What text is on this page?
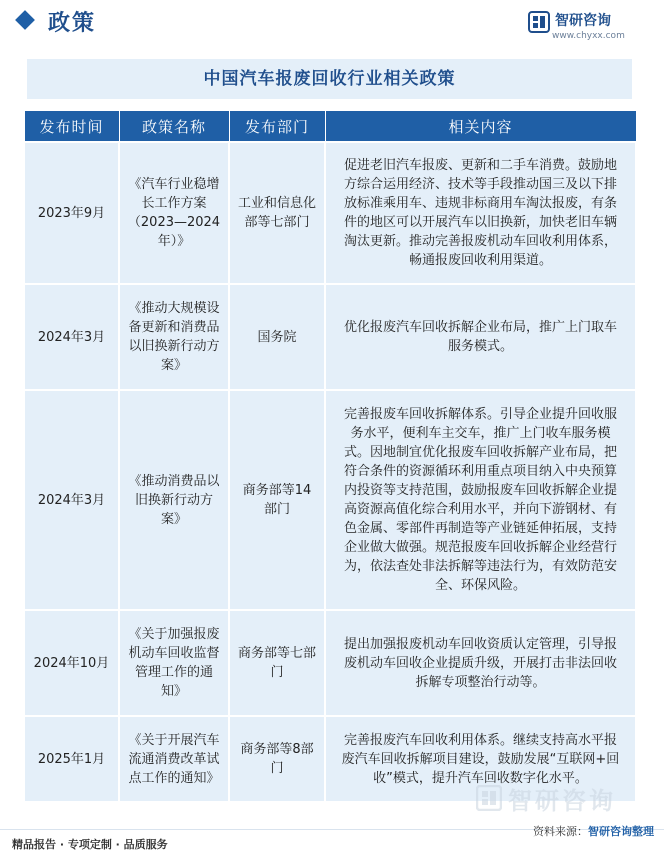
政策	智研咨询
www.chyxx.com
中国汽车报废回收行业相关政策
发布时间	政策名称	发布部门	相关内容
2023年9月	《汽车行业稳增长工作方案（2023—2024年）》	工业和信息化部等七部门	促进老旧汽车报废、更新和二手车消费。鼓励地方综合运用经济、技术等手段推动国三及以下排放标准乘用车、违规非标商用车淘汰报废，有条件的地区可以开展汽车以旧换新，加快老旧车辆淘汰更新。推动完善报废机动车回收利用体系，畅通报废回收利用渠道。
2024年3月	《推动大规模设备更新和消费品以旧换新行动方案》	国务院	优化报废汽车回收拆解企业布局，推广上门取车服务模式。
2024年3月	《推动消费品以旧换新行动方案》	商务部等14部门	完善报废车回收拆解体系。引导企业提升回收服务水平，便利车主交车，推广上门收车服务模式。因地制宜优化报废车回收拆解产业布局，把符合条件的资源循环利用重点项目纳入中央预算内投资等支持范围，鼓励报废车回收拆解企业提高资源高值化综合利用水平，并向下游钢材、有色金属、零部件再制造等产业链延伸拓展，支持企业做大做强。规范报废车回收拆解企业经营行为，依法查处非法拆解等违法行为，有效防范安全、环保风险。
2024年10月	《关于加强报废机动车回收监督管理工作的通知》	商务部等七部门	提出加强报废机动车回收资质认定管理，引导报废机动车回收企业提质升级，开展打击非法回收拆解专项整治行动等。
2025年1月	《关于开展汽车流通消费改革试点工作的通知》	商务部等8部门	完善报废汽车回收利用体系。继续支持高水平报废汽车回收拆解项目建设，鼓励发展“互联网+回收”模式，提升汽车回收数字化水平。
智研咨询
精品报告 · 专项定制 · 品质服务
资料来源：智研咨询整理
